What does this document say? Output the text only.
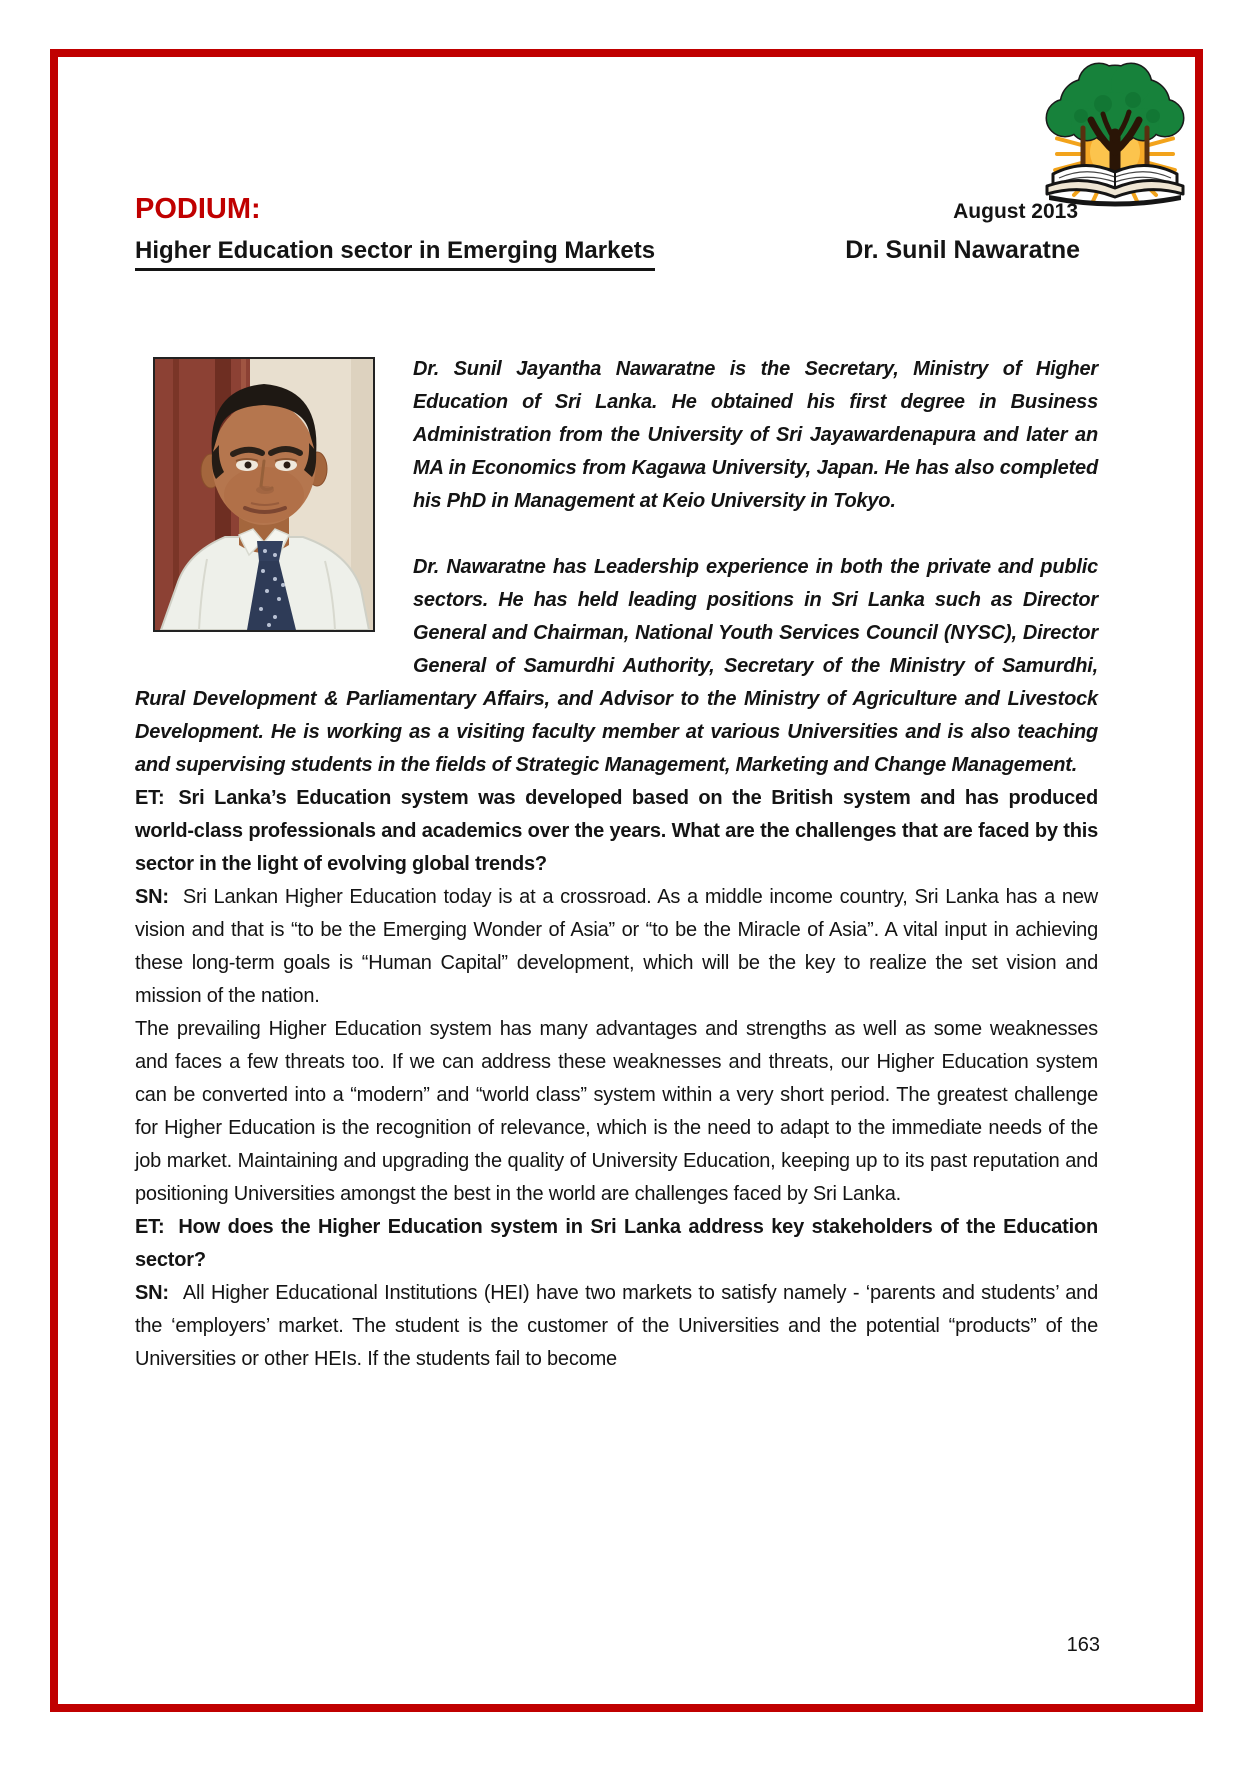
PODIUM:	August 2013
Higher Education sector in Emerging Markets	Dr. Sunil Nawaratne

Dr. Sunil Jayantha Nawaratne is the Secretary, Ministry of Higher Education of Sri Lanka. He obtained his first degree in Business Administration from the University of Sri Jayawardenapura and later an MA in Economics from Kagawa University, Japan. He has also completed his PhD in Management at Keio University in Tokyo.

Dr. Nawaratne has Leadership experience in both the private and public sectors. He has held leading positions in Sri Lanka such as Director General and Chairman, National Youth Services Council (NYSC), Director General of Samurdhi Authority, Secretary of the Ministry of Samurdhi, Rural Development & Parliamentary Affairs, and Advisor to the Ministry of Agriculture and Livestock Development. He is working as a visiting faculty member at various Universities and is also teaching and supervising students in the fields of Strategic Management, Marketing and Change Management.

ET: Sri Lanka’s Education system was developed based on the British system and has produced world-class professionals and academics over the years. What are the challenges that are faced by this sector in the light of evolving global trends?

SN: Sri Lankan Higher Education today is at a crossroad. As a middle income country, Sri Lanka has a new vision and that is “to be the Emerging Wonder of Asia” or “to be the Miracle of Asia”. A vital input in achieving these long-term goals is “Human Capital” development, which will be the key to realize the set vision and mission of the nation.

The prevailing Higher Education system has many advantages and strengths as well as some weaknesses and faces a few threats too. If we can address these weaknesses and threats, our Higher Education system can be converted into a “modern” and “world class” system within a very short period. The greatest challenge for Higher Education is the recognition of relevance, which is the need to adapt to the immediate needs of the job market. Maintaining and upgrading the quality of University Education, keeping up to its past reputation and positioning Universities amongst the best in the world are challenges faced by Sri Lanka.

ET: How does the Higher Education system in Sri Lanka address key stakeholders of the Education sector?

SN: All Higher Educational Institutions (HEI) have two markets to satisfy namely - ‘parents and students’ and the ‘employers’ market. The student is the customer of the Universities and the potential “products” of the Universities or other HEIs. If the students fail to become

163
